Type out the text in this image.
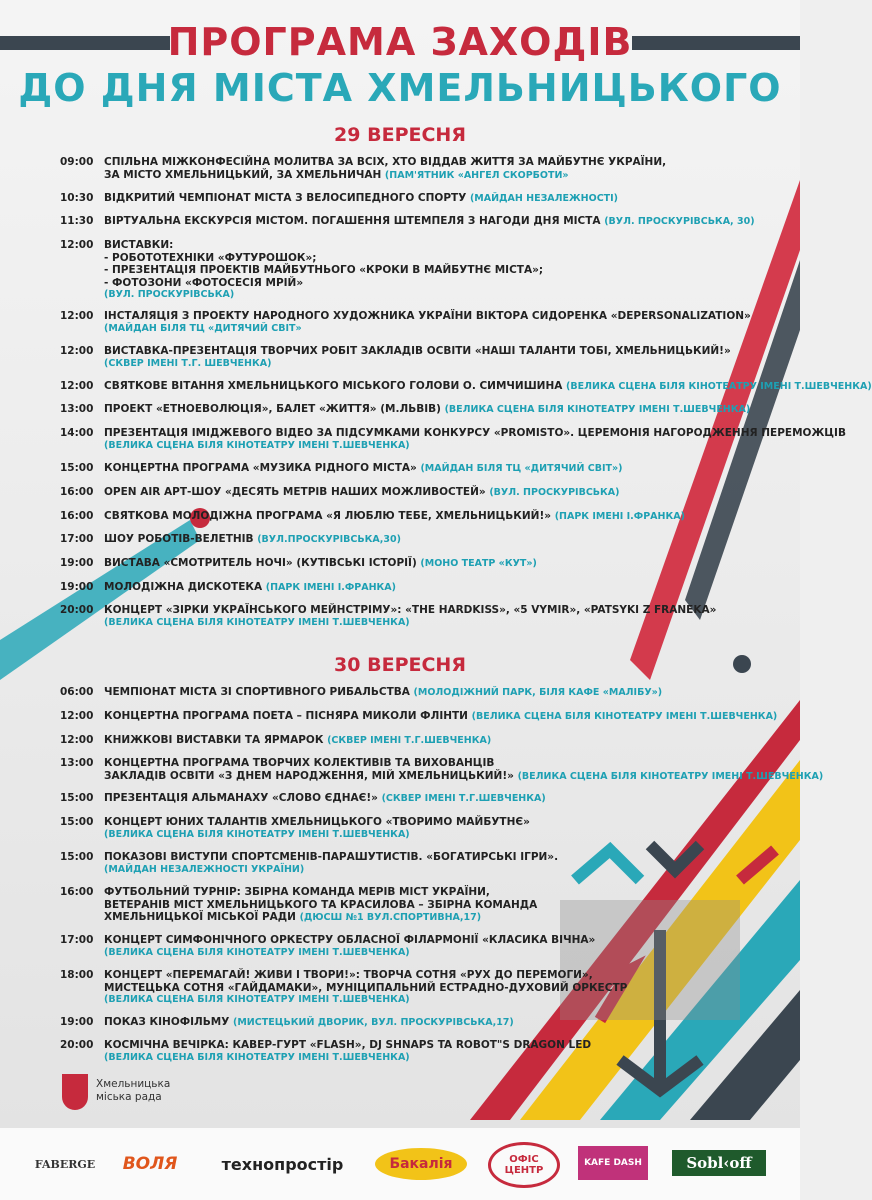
ПРОГРАМА ЗАХОДІВ
ДО ДНЯ МІСТА ХМЕЛЬНИЦЬКОГО
29 ВЕРЕСНЯ
09:00	СПІЛЬНА МІЖКОНФЕСІЙНА МОЛИТВА ЗА ВСІХ, ХТО ВІДДАВ ЖИТТЯ ЗА МАЙБУТНЄ УКРАЇНИ,
ЗА МІСТО ХМЕЛЬНИЦЬКИЙ, ЗА ХМЕЛЬНИЧАН (ПАМ'ЯТНИК «АНГЕЛ СКОРБОТИ»
10:30	ВІДКРИТИЙ ЧЕМПІОНАТ МІСТА З ВЕЛОСИПЕДНОГО СПОРТУ (МАЙДАН НЕЗАЛЕЖНОСТІ)
11:30	ВІРТУАЛЬНА ЕКСКУРСІЯ МІСТОМ. ПОГАШЕННЯ ШТЕМПЕЛЯ З НАГОДИ ДНЯ МІСТА (ВУЛ. ПРОСКУРІВСЬКА, 30)
12:00	ВИСТАВКИ:
- РОБОТОТЕХНІКИ «ФУТУРОШОК»;
- ПРЕЗЕНТАЦІЯ ПРОЕКТІВ МАЙБУТНЬОГО «КРОКИ В МАЙБУТНЄ МІСТА»;
- ФОТОЗОНИ «ФОТОСЕСІЯ МРІЙ»
(ВУЛ. ПРОСКУРІВСЬКА)
12:00	ІНСТАЛЯЦІЯ З ПРОЕКТУ НАРОДНОГО ХУДОЖНИКА УКРАЇНИ ВІКТОРА СИДОРЕНКА «DEPERSONALIZATION»
(МАЙДАН БІЛЯ ТЦ «ДИТЯЧИЙ СВІТ»
12:00	ВИСТАВКА-ПРЕЗЕНТАЦІЯ ТВОРЧИХ РОБІТ ЗАКЛАДІВ ОСВІТИ «НАШІ ТАЛАНТИ ТОБІ, ХМЕЛЬНИЦЬКИЙ!»
(СКВЕР ІМЕНІ Т.Г. ШЕВЧЕНКА)
12:00	СВЯТКОВЕ ВІТАННЯ ХМЕЛЬНИЦЬКОГО МІСЬКОГО ГОЛОВИ О. СИМЧИШИНА (ВЕЛИКА СЦЕНА БІЛЯ КІНОТЕАТРУ ІМЕНІ Т.ШЕВЧЕНКА)
13:00	ПРОЕКТ «ЕТНОЕВОЛЮЦІЯ», БАЛЕТ «ЖИТТЯ» (М.ЛЬВІВ) (ВЕЛИКА СЦЕНА БІЛЯ КІНОТЕАТРУ ІМЕНІ Т.ШЕВЧЕНКА)
14:00	ПРЕЗЕНТАЦІЯ ІМІДЖЕВОГО ВІДЕО ЗА ПІДСУМКАМИ КОНКУРСУ «PROMISTO». ЦЕРЕМОНІЯ НАГОРОДЖЕННЯ ПЕРЕМОЖЦІВ
(ВЕЛИКА СЦЕНА БІЛЯ КІНОТЕАТРУ ІМЕНІ Т.ШЕВЧЕНКА)
15:00	КОНЦЕРТНА ПРОГРАМА «МУЗИКА РІДНОГО МІСТА» (МАЙДАН БІЛЯ ТЦ «ДИТЯЧИЙ СВІТ»)
16:00	OPEN AIR АРТ-ШОУ «ДЕСЯТЬ МЕТРІВ НАШИХ МОЖЛИВОСТЕЙ» (ВУЛ. ПРОСКУРІВСЬКА)
16:00	СВЯТКОВА МОЛОДІЖНА ПРОГРАМА «Я ЛЮБЛЮ ТЕБЕ, ХМЕЛЬНИЦЬКИЙ!» (ПАРК ІМЕНІ І.ФРАНКА)
17:00	ШОУ РОБОТІВ-ВЕЛЕТНІВ (ВУЛ.ПРОСКУРІВСЬКА,30)
19:00	ВИСТАВА «СМОТРИТЕЛЬ НОЧІ» (КУТІВСЬКІ ІСТОРІЇ) (МОНО ТЕАТР «КУТ»)
19:00	МОЛОДІЖНА ДИСКОТЕКА (ПАРК ІМЕНІ І.ФРАНКА)
20:00	КОНЦЕРТ «ЗІРКИ УКРАЇНСЬКОГО МЕЙНСТРІМУ»: «THE HARDKISS», «5 VYMIR», «PATSYKI Z FRANEKA»
(ВЕЛИКА СЦЕНА БІЛЯ КІНОТЕАТРУ ІМЕНІ Т.ШЕВЧЕНКА)
30 ВЕРЕСНЯ
06:00	ЧЕМПІОНАТ МІСТА ЗІ СПОРТИВНОГО РИБАЛЬСТВА (МОЛОДІЖНИЙ ПАРК, БІЛЯ КАФЕ «МАЛІБУ»)
12:00	КОНЦЕРТНА ПРОГРАМА ПОЕТА – ПІСНЯРА МИКОЛИ ФЛІНТИ (ВЕЛИКА СЦЕНА БІЛЯ КІНОТЕАТРУ ІМЕНІ Т.ШЕВЧЕНКА)
12:00	КНИЖКОВІ ВИСТАВКИ ТА ЯРМАРОК (СКВЕР ІМЕНІ Т.Г.ШЕВЧЕНКА)
13:00	КОНЦЕРТНА ПРОГРАМА ТВОРЧИХ КОЛЕКТИВІВ ТА ВИХОВАНЦІВ
ЗАКЛАДІВ ОСВІТИ «З ДНЕМ НАРОДЖЕННЯ, МІЙ ХМЕЛЬНИЦЬКИЙ!» (ВЕЛИКА СЦЕНА БІЛЯ КІНОТЕАТРУ ІМЕНІ Т.ШЕВЧЕНКА)
15:00	ПРЕЗЕНТАЦІЯ АЛЬМАНАХУ «СЛОВО ЄДНАЄ!» (СКВЕР ІМЕНІ Т.Г.ШЕВЧЕНКА)
15:00	КОНЦЕРТ ЮНИХ ТАЛАНТІВ ХМЕЛЬНИЦЬКОГО «ТВОРИМО МАЙБУТНЄ»
(ВЕЛИКА СЦЕНА БІЛЯ КІНОТЕАТРУ ІМЕНІ Т.ШЕВЧЕНКА)
15:00	ПОКАЗОВІ ВИСТУПИ СПОРТСМЕНІВ-ПАРАШУТИСТІВ. «БОГАТИРСЬКІ ІГРИ».
(МАЙДАН НЕЗАЛЕЖНОСТІ УКРАЇНИ)
16:00	ФУТБОЛЬНИЙ ТУРНІР: ЗБІРНА КОМАНДА МЕРІВ МІСТ УКРАЇНИ,
ВЕТЕРАНІВ МІСТ ХМЕЛЬНИЦЬКОГО ТА КРАСИЛОВА – ЗБІРНА КОМАНДА
ХМЕЛЬНИЦЬКОЇ МІСЬКОЇ РАДИ (ДЮСШ №1 ВУЛ.СПОРТИВНА,17)
17:00	КОНЦЕРТ СИМФОНІЧНОГО ОРКЕСТРУ ОБЛАСНОЇ ФІЛАРМОНІЇ «КЛАСИКА ВІЧНА»
(ВЕЛИКА СЦЕНА БІЛЯ КІНОТЕАТРУ ІМЕНІ Т.ШЕВЧЕНКА)
18:00	КОНЦЕРТ «ПЕРЕМАГАЙ! ЖИВИ І ТВОРИ!»: ТВОРЧА СОТНЯ «РУХ ДО ПЕРЕМОГИ»,
МИСТЕЦЬКА СОТНЯ «ГАЙДАМАКИ», МУНІЦИПАЛЬНИЙ ЕСТРАДНО-ДУХОВИЙ ОРКЕСТР
(ВЕЛИКА СЦЕНА БІЛЯ КІНОТЕАТРУ ІМЕНІ Т.ШЕВЧЕНКА)
19:00	ПОКАЗ КІНОФІЛЬМУ (МИСТЕЦЬКИЙ ДВОРИК, ВУЛ. ПРОСКУРІВСЬКА,17)
20:00	КОСМІЧНА ВЕЧІРКА: КАВЕР-ГУРТ «FLASH», DJ SHNAPS TA ROBOT"S DRAGON LED
(ВЕЛИКА СЦЕНА БІЛЯ КІНОТЕАТРУ ІМЕНІ Т.ШЕВЧЕНКА)
Хмельницька
міська рада
FABERGE	ВОЛЯ	технопростір	Бакалія	ОФІС ЦЕНТР
KAFE DASH	Sobl‹off
